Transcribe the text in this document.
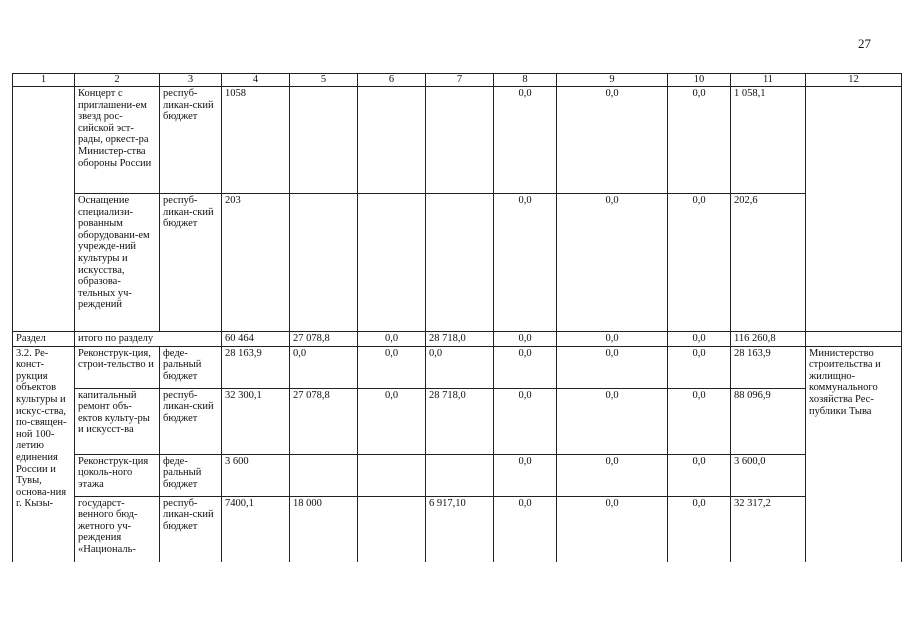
27
1	2	3	4	5	6	7	8	9	10	11	12
	Концерт с приглашени-ем звезд рос-сийской эст-рады, оркест-ра Министер-ства обороны России	респуб-ликан-ский бюджет	1058				0,0	0,0	0,0	1 058,1	
	Оснащение специализи-рованным оборудовани-ем учрежде-ний культуры и искусства, образова-тельных уч-реждений	респуб-ликан-ский бюджет	203				0,0	0,0	0,0	202,6	
Раздел	итого по разделу		60 464	27 078,8	0,0	28 718,0	0,0	0,0	0,0	116 260,8	
3.2. Ре-конст-рукция объектов культуры и искус-ства, по-священ-ной 100-летию единения России и Тувы, основа-ния г. Кызы-	Реконструк-ция, строи-тельство и	феде-ральный бюджет	28 163,9	0,0	0,0	0,0	0,0	0,0	0,0	28 163,9	Министерство строительства и жилищно-коммунального хозяйства Рес-публики Тыва
	капитальный ремонт объ-ектов культу-ры и искусст-ва	респуб-ликан-ский бюджет	32 300,1	27 078,8	0,0	28 718,0	0,0	0,0	0,0	88 096,9	
	Реконструк-ция цоколь-ного этажа	феде-ральный бюджет	3 600				0,0	0,0	0,0	3 600,0	
	государст-венного бюд-жетного уч-реждения «Националь-	респуб-ликан-ский бюджет	7400,1	18 000		6 917,10	0,0	0,0	0,0	32 317,2	
